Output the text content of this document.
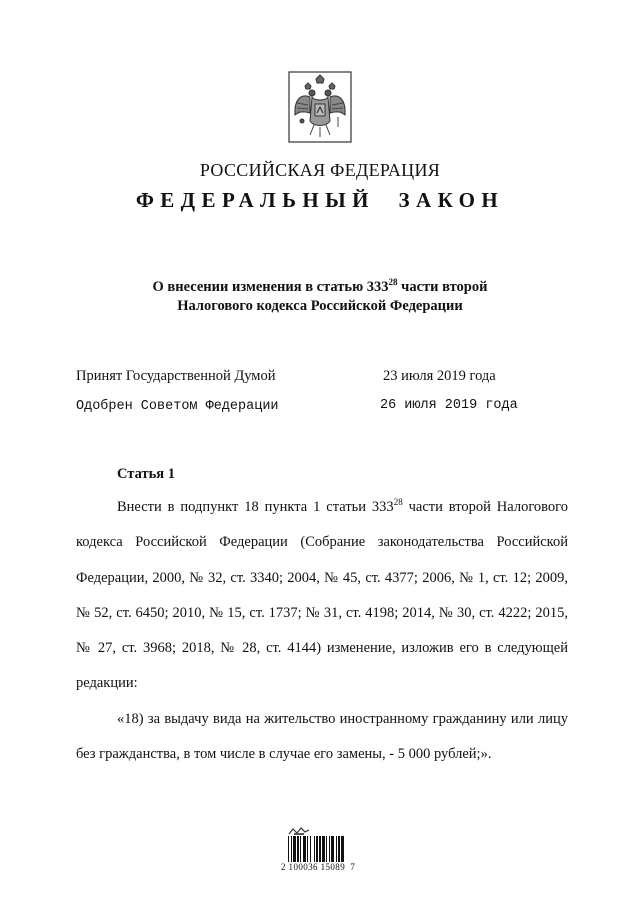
РОССИЙСКАЯ ФЕДЕРАЦИЯ
ФЕДЕРАЛЬНЫЙ ЗАКОН
О внесении изменения в статью $333^{28}$ части второй
Налогового кодекса Российской Федерации
Принят Государственной Думой	23 июля 2019 года
Одобрен Советом Федерации	26 июля 2019 года
Статья 1

Внести в подпункт 18 пункта 1 статьи $333^{28}$ части второй Налогового кодекса Российской Федерации (Собрание законодательства Российской Федерации, 2000, № 32, ст. 3340; 2004, № 45, ст. 4377; 2006, № 1, ст. 12; 2009, № 52, ст. 6450; 2010, № 15, ст. 1737; № 31, ст. 4198; 2014, № 30, ст. 4222; 2015, № 27, ст. 3968; 2018, № 28, ст. 4144) изменение, изложив его в следующей редакции:

«18) за выдачу вида на жительство иностранному гражданину или лицу без гражданства, в том числе в случае его замены, - 5 000 рублей;».

2 100036 15089  7
